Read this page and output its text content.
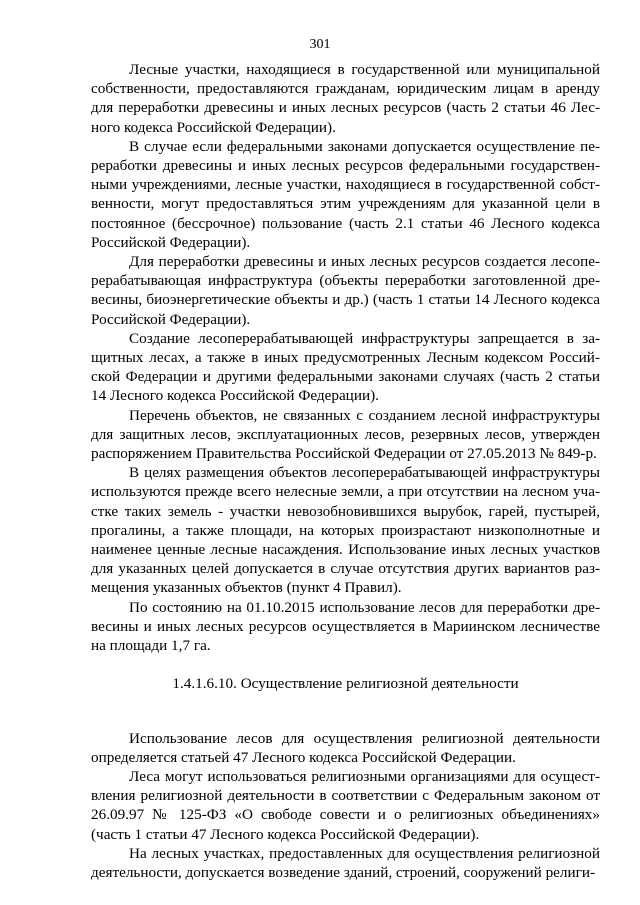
301

Лесные участки, находящиеся в государственной или муниципальной собственности, предоставляются гражданам, юридическим лицам в аренду для переработки древесины и иных лесных ресурсов (часть 2 статьи 46 Лесного кодекса Российской Федерации).

В случае если федеральными законами допускается осуществление переработки древесины и иных лесных ресурсов федеральными государственными учреждениями, лесные участки, находящиеся в государственной собственности, могут предоставляться этим учреждениям для указанной цели в постоянное (бессрочное) пользование (часть 2.1 статьи 46 Лесного кодекса Российской Федерации).

Для переработки древесины и иных лесных ресурсов создается лесоперерабатывающая инфраструктура (объекты переработки заготовленной древесины, биоэнергетические объекты и др.) (часть 1 статьи 14 Лесного кодекса Российской Федерации).

Создание лесоперерабатывающей инфраструктуры запрещается в защитных лесах, а также в иных предусмотренных Лесным кодексом Российской Федерации и другими федеральными законами случаях (часть 2 статьи 14 Лесного кодекса Российской Федерации).

Перечень объектов, не связанных с созданием лесной инфраструктуры для защитных лесов, эксплуатационных лесов, резервных лесов, утвержден распоряжением Правительства Российской Федерации от 27.05.2013 № 849-р.

В целях размещения объектов лесоперерабатывающей инфраструктуры используются прежде всего нелесные земли, а при отсутствии на лесном участке таких земель - участки невозобновившихся вырубок, гарей, пустырей, прогалины, а также площади, на которых произрастают низкополнотные и наименее ценные лесные насаждения. Использование иных лесных участков для указанных целей допускается в случае отсутствия других вариантов размещения указанных объектов (пункт 4 Правил).

По состоянию на 01.10.2015 использование лесов для переработки древесины и иных лесных ресурсов осуществляется в Мариинском лесничестве на площади 1,7 га.

1.4.1.6.10. Осуществление религиозной деятельности

Использование лесов для осуществления религиозной деятельности определяется статьей 47 Лесного кодекса Российской Федерации.

Леса могут использоваться религиозными организациями для осуществления религиозной деятельности в соответствии с Федеральным законом от 26.09.97 № 125-ФЗ «О свободе совести и о религиозных объединениях» (часть 1 статьи 47 Лесного кодекса Российской Федерации).

На лесных участках, предоставленных для осуществления религиозной деятельности, допускается возведение зданий, строений, сооружений религи-
